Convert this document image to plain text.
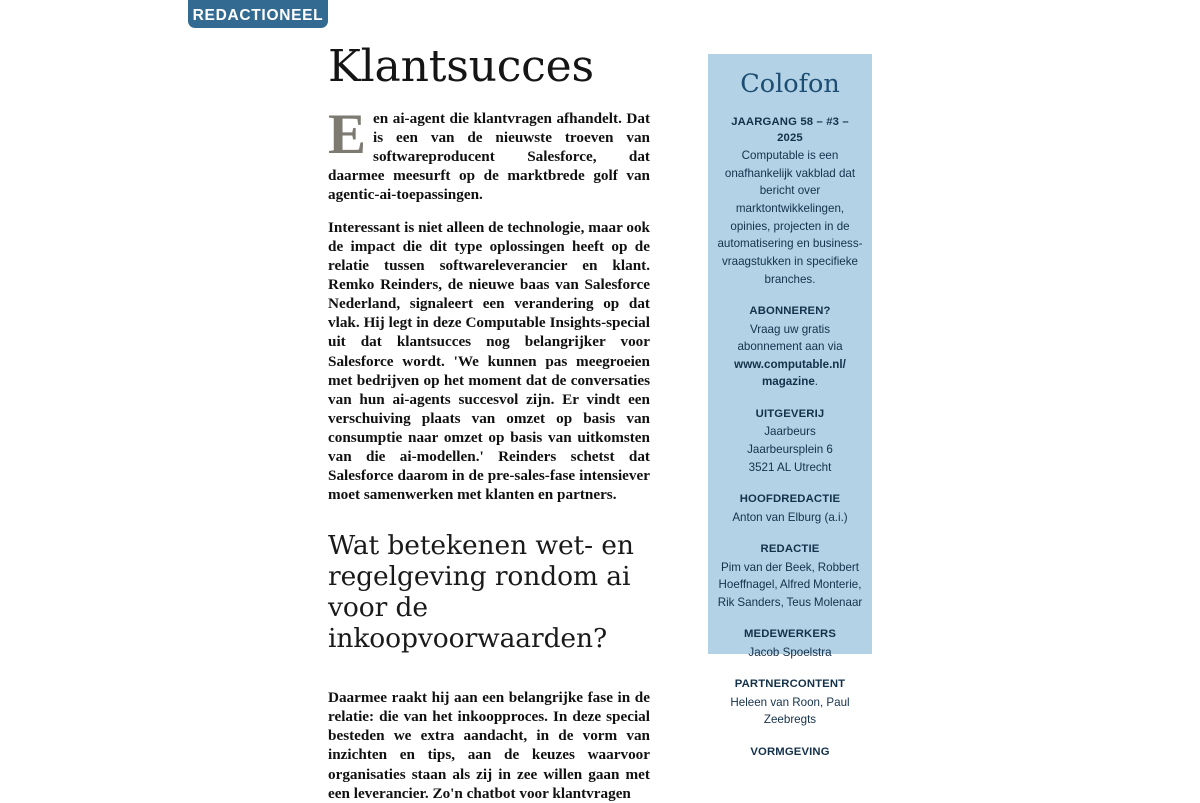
REDACTIONEEL
Klantsucces

Een ai-agent die klantvragen afhandelt. Dat is een van de nieuwste troeven van softwareproducent Salesforce, dat daarmee meesurft op de marktbrede golf van agentic-ai-toepassingen.

Interessant is niet alleen de technologie, maar ook de impact die dit type oplossingen heeft op de relatie tussen softwareleverancier en klant. Remko Reinders, de nieuwe baas van Salesforce Nederland, signaleert een verandering op dat vlak. Hij legt in deze Computable Insights-special uit dat klantsucces nog belangrijker voor Salesforce wordt. 'We kunnen pas meegroeien met bedrijven op het moment dat de conversaties van hun ai-agents succesvol zijn. Er vindt een verschuiving plaats van omzet op basis van consumptie naar omzet op basis van uitkomsten van die ai-modellen.' Reinders schetst dat Salesforce daarom in de pre-sales-fase intensiever moet samenwerken met klanten en partners.

Wat betekenen wet- en regelgeving rondom ai voor de inkoopvoorwaarden?

Daarmee raakt hij aan een belangrijke fase in de relatie: die van het inkoopproces. In deze special besteden we extra aandacht, in de vorm van inzichten en tips, aan de keuzes waarvoor organisaties staan als zij in zee willen gaan met een leverancier. Zo'n chatbot voor klantvragen

Colofon
JAARGANG 58 – #3 – 2025
Computable is een onafhankelijk vakblad dat bericht over marktontwikkelingen, opinies, projecten in de automatisering en business-vraagstukken in specifieke branches.
ABONNEREN?
Vraag uw gratis abonnement aan via www.computable.nl/ magazine.
UITGEVERIJ
Jaarbeurs
Jaarbeursplein 6
3521 AL Utrecht
HOOFDREDACTIE
Anton van Elburg (a.i.)
REDACTIE
Pim van der Beek, Robbert Hoeffnagel, Alfred Monterie, Rik Sanders, Teus Molenaar
MEDEWERKERS
Jacob Spoelstra
PARTNERCONTENT
Heleen van Roon, Paul Zeebregts
VORMGEVING
